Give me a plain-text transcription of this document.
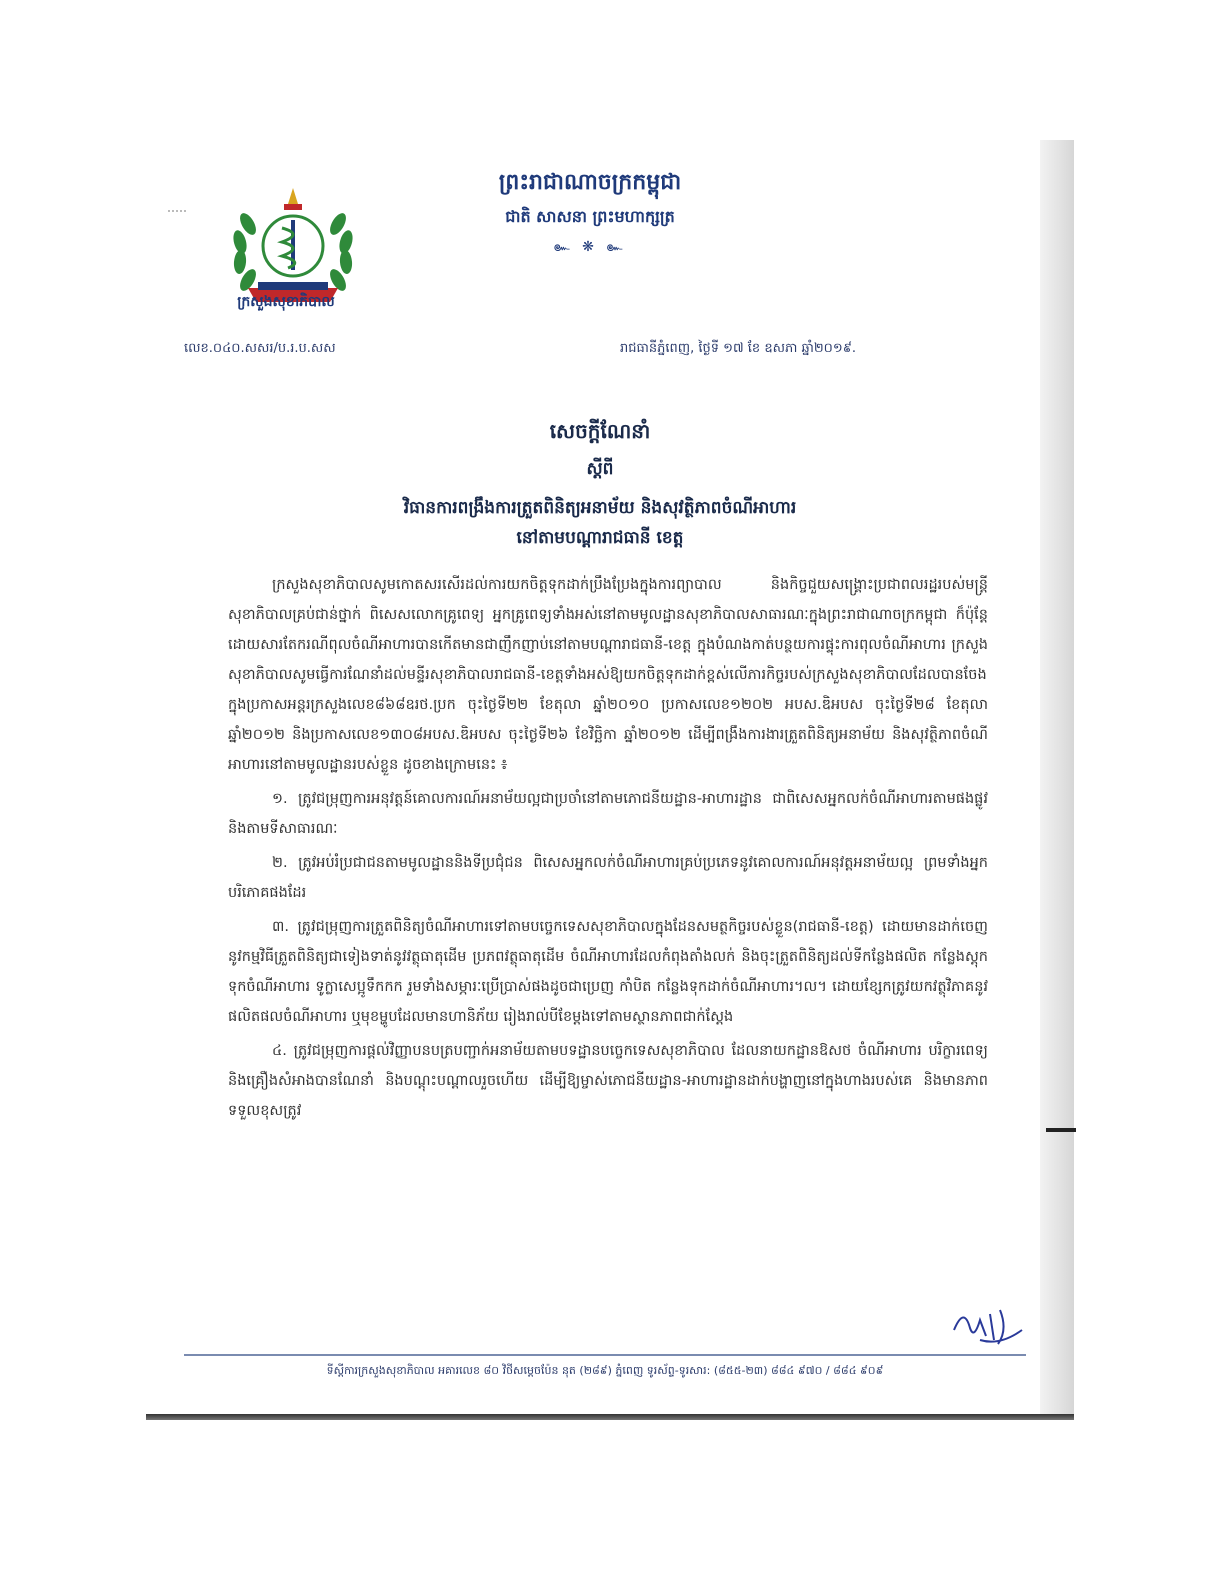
ក្រសួងសុខាភិបាល
លេខ.០៤០.សសរ/ប.រ.ប.សស

ព្រះរាជាណាចក្រកម្ពុជា

ជាតិ សាសនា ព្រះមហាក្សត្រ

๛ ❋ ๛

រាជធានីភ្នំពេញ, ថ្ងៃទី ១៧ ខែ ឧសភា ឆ្នាំ២០១៩.

សេចក្តីណែនាំ

ស្តីពី

វិធានការពង្រឹងការត្រួតពិនិត្យអនាម័យ និងសុវត្ថិភាពចំណីអាហារ

នៅតាមបណ្តារាជធានី ខេត្ត

ក្រសួងសុខាភិបាលសូមកោតសរសើរដល់ការយកចិត្តទុកដាក់ប្រឹងប្រែងក្នុងការព្យាបាល និងកិច្ចជួយសង្គ្រោះប្រជាពលរដ្ឋរបស់មន្ត្រីសុខាភិបាលគ្រប់ជាន់ថ្នាក់ ពិសេសលោកគ្រូពេទ្យ អ្នកគ្រូពេទ្យទាំងអស់នៅតាមមូលដ្ឋានសុខាភិបាលសាធារណៈក្នុងព្រះរាជាណាចក្រកម្ពុជា ក៏ប៉ុន្តែដោយសារតែករណីពុលចំណីអាហារបានកើតមានជាញឹកញាប់នៅតាមបណ្តារាជធានី-ខេត្ត ក្នុងបំណងកាត់បន្ថយការផ្ទុះការពុលចំណីអាហារ ក្រសួងសុខាភិបាលសូមធ្វើការណែនាំដល់មន្ទីរសុខាភិបាលរាជធានី-ខេត្តទាំងអស់ឱ្យយកចិត្តទុកដាក់ខ្ពស់លើភារកិច្ចរបស់ក្រសួងសុខាភិបាលដែលបានចែងក្នុងប្រកាសអន្តរក្រសួងលេខ៨៦៨ឧរថ.ប្រក ចុះថ្ងៃទី២២ ខែតុលា ឆ្នាំ២០១០ ប្រកាសលេខ១២០២ អបស.ឌិអបស ចុះថ្ងៃទី២៨ ខែតុលា ឆ្នាំ២០១២ និងប្រកាសលេខ១៣០៨អបស.ឌិអបស ចុះថ្ងៃទី២៦ ខែវិច្ឆិកា ឆ្នាំ២០១២ ដើម្បីពង្រឹងការងារត្រួតពិនិត្យអនាម័យ និងសុវត្ថិភាពចំណីអាហារនៅតាមមូលដ្ឋានរបស់ខ្លួន ដូចខាងក្រោមនេះ ៖

១. ត្រូវជម្រុញការអនុវត្តន៍គោលការណ៍អនាម័យល្អជាប្រចាំនៅតាមភោជនីយដ្ឋាន-អាហារដ្ឋាន ជាពិសេសអ្នកលក់ចំណីអាហារតាមផងផ្លូវ និងតាមទីសាធារណៈ

២. ត្រូវអប់រំប្រជាជនតាមមូលដ្ឋាននិងទីប្រជុំជន ពិសេសអ្នកលក់ចំណីអាហារគ្រប់ប្រភេទនូវគោលការណ៍អនុវត្តអនាម័យល្អ ព្រមទាំងអ្នកបរិភោគផងដែរ

៣. ត្រូវជម្រុញការត្រួតពិនិត្យចំណីអាហារទៅតាមបច្ចេកទេសសុខាភិបាលក្នុងដែនសមត្ថកិច្ចរបស់ខ្លួន(រាជធានី-ខេត្ត) ដោយមានដាក់ចេញនូវកម្មវិធីត្រួតពិនិត្យជាទៀងទាត់នូវវត្ថុធាតុដើម ប្រភពវត្ថុធាតុដើម ចំណីអាហារដែលកំពុងតាំងលក់ និងចុះត្រួតពិនិត្យដល់ទីកន្លែងផលិត កន្លែងស្តុកទុកចំណីអាហារ ទូក្លាសេប្អូទឹកកក រួមទាំងសម្ភារៈប្រើប្រាស់ផងដូចជាប្រេញ កាំបិត កន្លែងទុកដាក់ចំណីអាហារ។ល។ ដោយខ្សែកត្រូវយកវត្ថុវិភាគនូវផលិតផលចំណីអាហារ ឬមុខម្ហូបដែលមានហានិភ័យ រៀងរាល់បីខែម្តងទៅតាមស្ថានភាពជាក់ស្តែង

៤. ត្រូវជម្រុញការផ្តល់វិញ្ញាបនបត្របញ្ជាក់អនាម័យតាមបទដ្ឋានបច្ចេកទេសសុខាភិបាល ដែលនាយកដ្ឋានឱសថ ចំណីអាហារ បរិក្ខារពេទ្យ និងគ្រឿងសំអាងបានណែនាំ និងបណ្តុះបណ្តាលរួចហើយ ដើម្បីឱ្យម្ចាស់ភោជនីយដ្ឋាន-អាហារដ្ឋានដាក់បង្ហាញនៅក្នុងហាងរបស់គេ និងមានភាពទទួលខុសត្រូវ

ទីស្តីការក្រសួងសុខាភិបាល អគារលេខ ៨០ វិថីសម្តេចប៉ែន នុត (២៨៩) ភ្នំពេញ ទូរស័ព្ទ-ទូរសារ: (៨៥៥-២៣) ៨៨៤ ៩៧០ / ៨៨៤ ៩០៩
